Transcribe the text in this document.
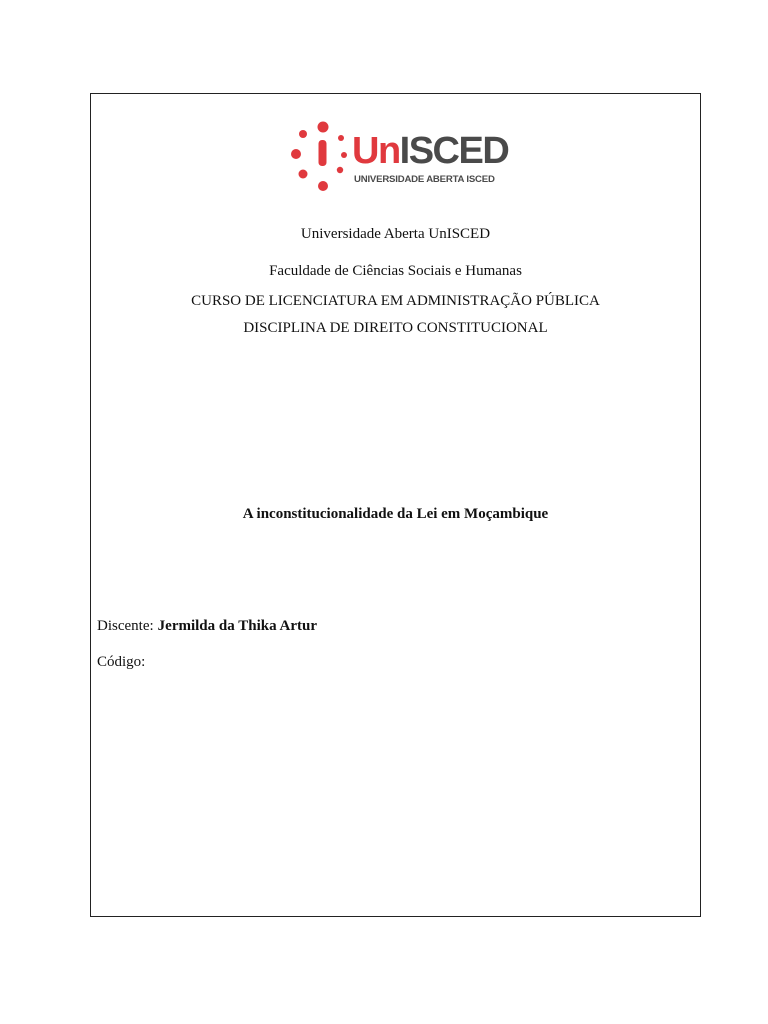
UnISCED
UNIVERSIDADE ABERTA ISCED
Universidade Aberta UnISCED
Faculdade de Ciências Sociais e Humanas
CURSO DE LICENCIATURA EM ADMINISTRAÇÃO PÚBLICA
DISCIPLINA DE DIREITO CONSTITUCIONAL
A inconstitucionalidade da Lei em Moçambique
Discente: Jermilda da Thika Artur
Código:
